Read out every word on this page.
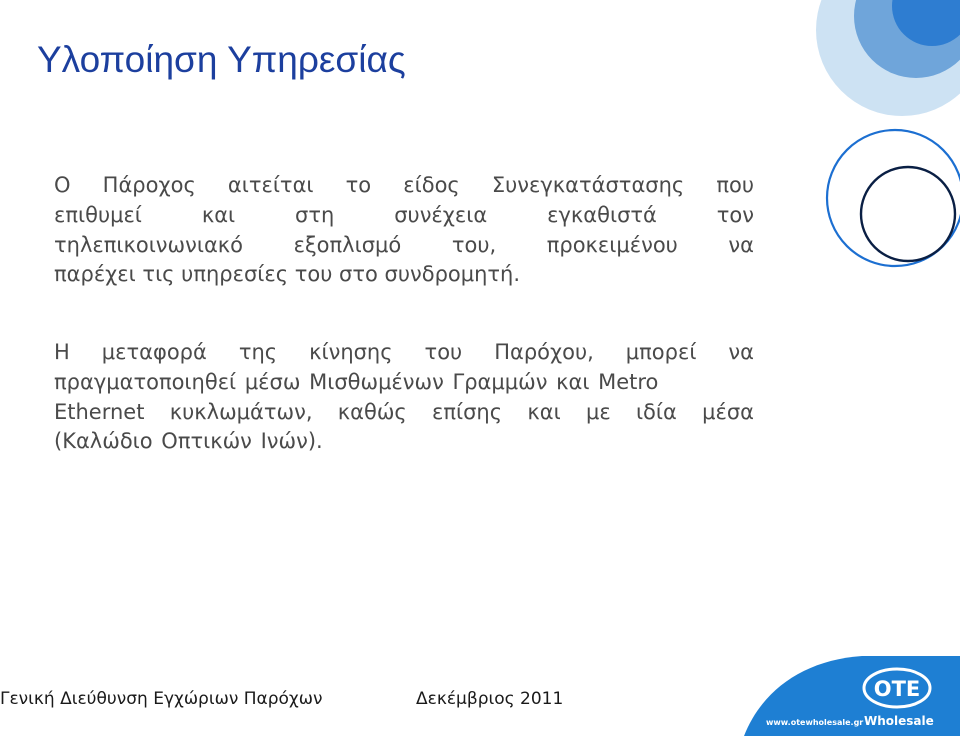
Υλοποίηση Υπηρεσίας
Ο Πάροχος αιτείται το είδος Συνεγκατάστασης που
επιθυμεί και στη συνέχεια εγκαθιστά τον
τηλεπικοινωνιακό εξοπλισμό του, προκειμένου να
παρέχει τις υπηρεσίες του στο συνδρομητή.
Η μεταφορά της κίνησης του Παρόχου, μπορεί να
πραγματοποιηθεί μέσω Μισθωμένων Γραμμών και Metro
Ethernet κυκλωμάτων, καθώς επίσης και με ιδία μέσα
(Καλώδιο Οπτικών Ινών).
Γενική Διεύθυνση Εγχώριων Παρόχων	Δεκέμβριος 2011	OTE
www.otewholesale.gr Wholesale
